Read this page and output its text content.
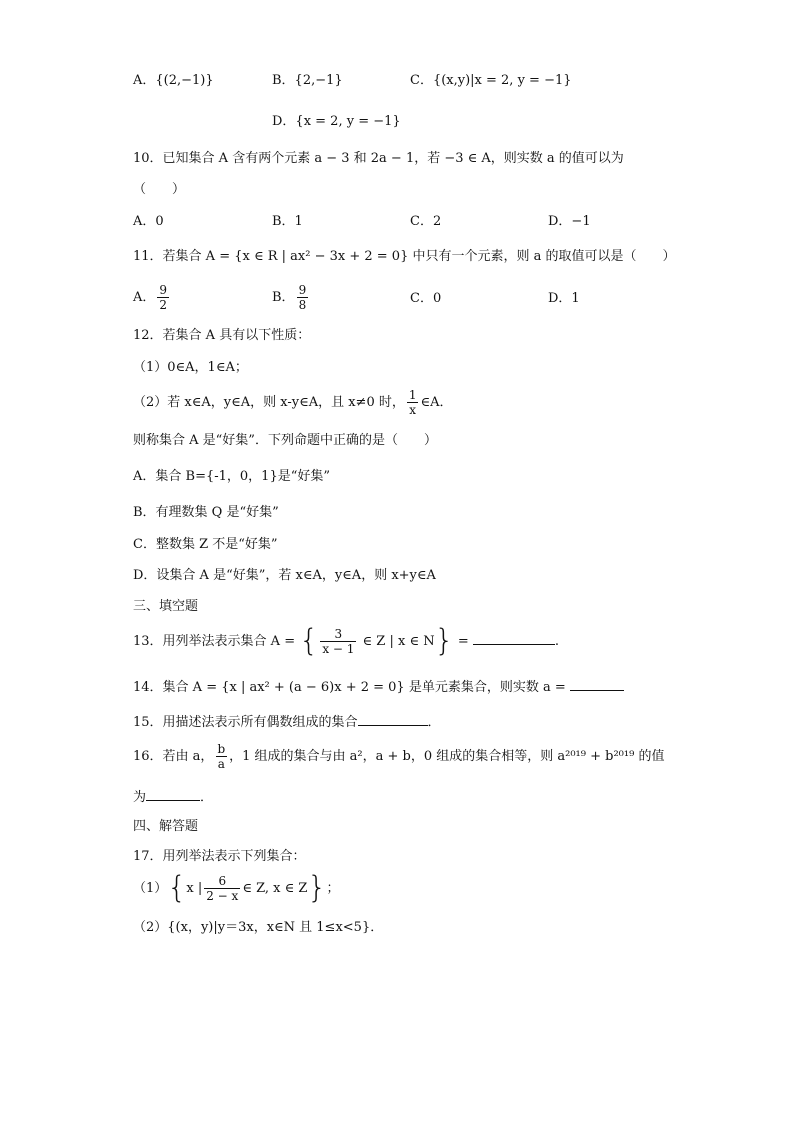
A．{(2,−1)}	B．{2,−1}	C．{(x,y)|x = 2, y = −1}
D．{x = 2, y = −1}
10．已知集合 A 含有两个元素 a − 3 和 2a − 1，若 −3 ∈ A，则实数 a 的值可以为
（　　）
A．0	B．1	C．2	D．−1
11．若集合 A = {x ∈ R | ax² − 3x + 2 = 0} 中只有一个元素，则 a 的取值可以是（　　）
A． $\frac{9}{2}$	B． $\frac{9}{8}$	C．0	D．1
12．若集合 A 具有以下性质：
（1）0∈A，1∈A；
（2）若 x∈A，y∈A，则 x-y∈A，且 x≠0 时， $\frac{1}{x}$ ∈A．
则称集合 A 是“好集”．下列命题中正确的是（　　）
A．集合 B={-1，0，1}是“好集”
B．有理数集 Q 是“好集”
C．整数集 Z 不是“好集”
D．设集合 A 是“好集”，若 x∈A，y∈A，则 x+y∈A
三、填空题
13．用列举法表示集合 A = { $\frac{3}{x - 1}$ ∈ Z | x ∈ N} =	.
14．集合 A = {x | ax² + (a − 6)x + 2 = 0} 是单元素集合，则实数 a =
15．用描述法表示所有偶数组成的集合	．
16．若由 a， $\frac{b}{a}$ ，1 组成的集合与由 a²，a + b，0 组成的集合相等，则 a²⁰¹⁹ + b²⁰¹⁹ 的值
为	．
四、解答题
17．用列举法表示下列集合：
（1）{x | $\frac{6}{2 - x}$ ∈ Z, x ∈ Z}；
（2）{(x，y)|y＝3x，x∈N 且 1≤x<5}．
